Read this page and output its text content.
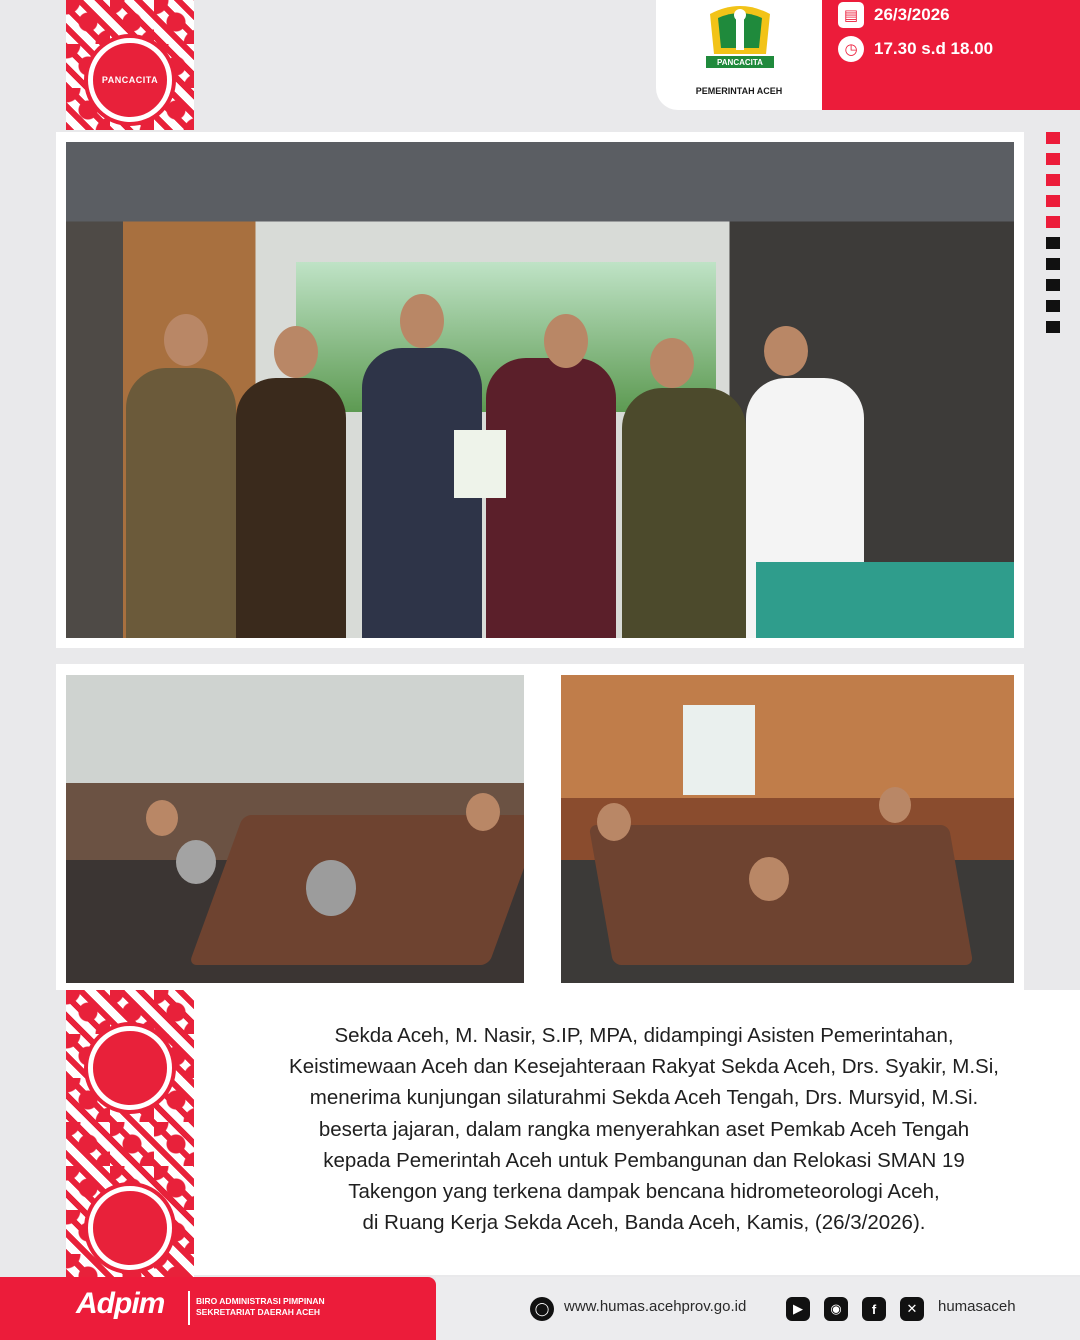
PANCACITA
PANCACITA
PEMERINTAH ACEH
▤ 26/3/2026
◷ 17.30 s.d 18.00
Sekda Aceh, M. Nasir, S.IP, MPA, didampingi Asisten Pemerintahan,
Keistimewaan Aceh dan Kesejahteraan Rakyat Sekda Aceh, Drs. Syakir, M.Si,
menerima kunjungan silaturahmi Sekda Aceh Tengah, Drs. Mursyid, M.Si.
beserta jajaran, dalam rangka menyerahkan aset Pemkab Aceh Tengah
kepada Pemerintah Aceh untuk Pembangunan dan Relokasi SMAN 19
Takengon yang terkena dampak bencana hidrometeorologi Aceh,
di Ruang Kerja Sekda Aceh, Banda Aceh, Kamis, (26/3/2026).
Adpim	BIRO ADMINISTRASI PIMPINAN
SEKRETARIAT DAERAH ACEH	◯ www.humas.acehprov.go.id	▶	◉	f	✕	humasaceh
